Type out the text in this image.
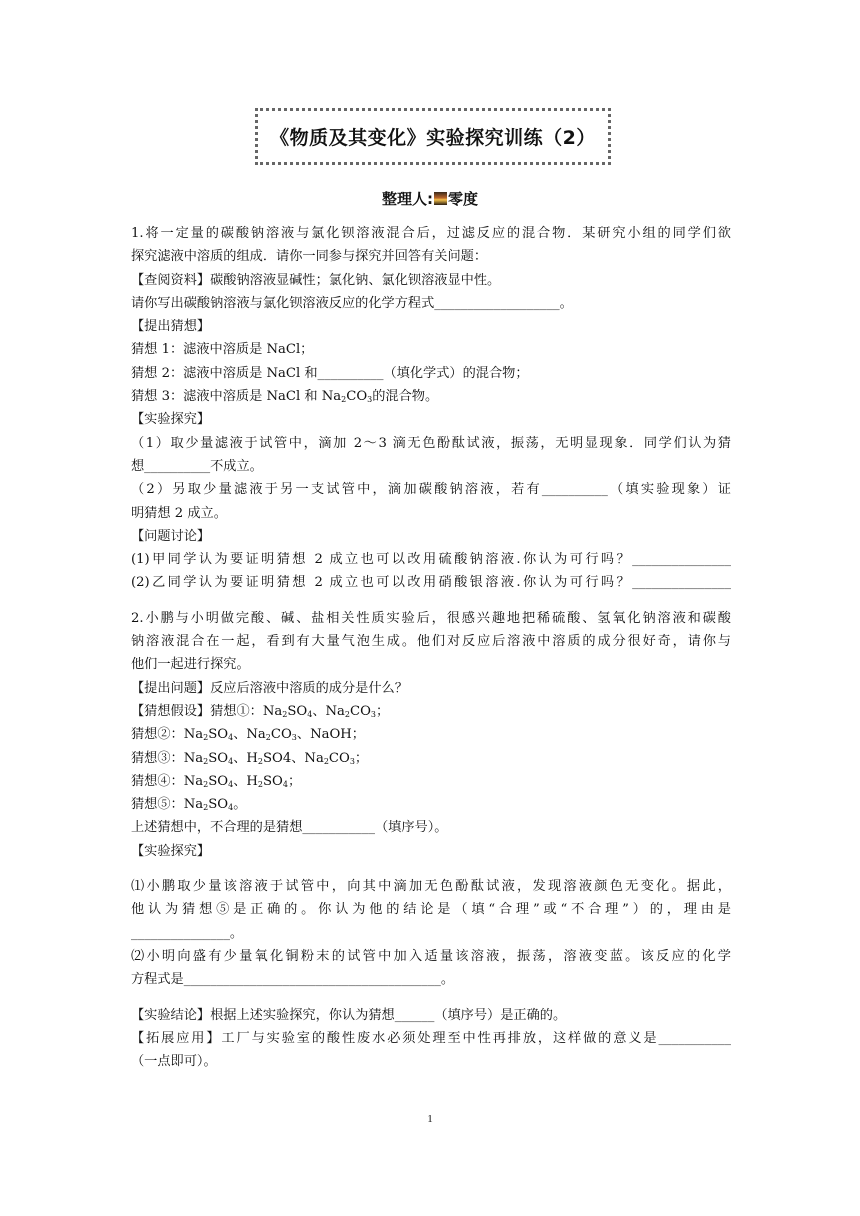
《物质及其变化》实验探究训练（2）
整理人: 零度
1.将一定量的碳酸钠溶液与氯化钡溶液混合后，过滤反应的混合物．某研究小组的同学们欲
探究滤液中溶质的组成．请你一同参与探究并回答有关问题：
【查阅资料】碳酸钠溶液显碱性；氯化钠、氯化钡溶液显中性。
请你写出碳酸钠溶液与氯化钡溶液反应的化学方程式___________________。
【提出猜想】
猜想 1：滤液中溶质是 NaCl；
猜想 2：滤液中溶质是 NaCl 和__________（填化学式）的混合物；
猜想 3：滤液中溶质是 NaCl 和 $Na_2CO_3$的混合物。
【实验探究】
（1）取少量滤液于试管中，滴加 2～3 滴无色酚酞试液，振荡，无明显现象．同学们认为猜
想__________不成立。
（2）另取少量滤液于另一支试管中，滴加碳酸钠溶液，若有__________（填实验现象）证
明猜想 2 成立。
【问题讨论】
(1)甲同学认为要证明猜想 2 成立也可以改用硫酸钠溶液.你认为可行吗？_______________
(2)乙同学认为要证明猜想 2 成立也可以改用硝酸银溶液.你认为可行吗？_______________
2.小鹏与小明做完酸、碱、盐相关性质实验后，很感兴趣地把稀硫酸、氢氧化钠溶液和碳酸
钠溶液混合在一起，看到有大量气泡生成。他们对反应后溶液中溶质的成分很好奇，请你与
他们一起进行探究。
【提出问题】反应后溶液中溶质的成分是什么？
【猜想假设】猜想①：$Na_2SO_4$、$Na_2CO_3$；
猜想②：$Na_2SO_4$、$Na_2CO_3$、NaOH；
猜想③：$Na_2SO_4$、$H_2SO4$、$Na_2CO_3$；
猜想④：$Na_2SO_4$、$H_2SO_4$；
猜想⑤：$Na_2SO_4$。
上述猜想中，不合理的是猜想___________（填序号）。
【实验探究】
⑴小鹏取少量该溶液于试管中，向其中滴加无色酚酞试液，发现溶液颜色无变化。据此，
他认为猜想⑤是正确的。你认为他的结论是（填“合理”或“不合理”）的，理由是
_______________。
⑵小明向盛有少量氧化铜粉末的试管中加入适量该溶液，振荡，溶液变蓝。该反应的化学
方程式是_______________________________________。
【实验结论】根据上述实验探究，你认为猜想______（填序号）是正确的。
【拓展应用】工厂与实验室的酸性废水必须处理至中性再排放，这样做的意义是___________
（一点即可）。
1
